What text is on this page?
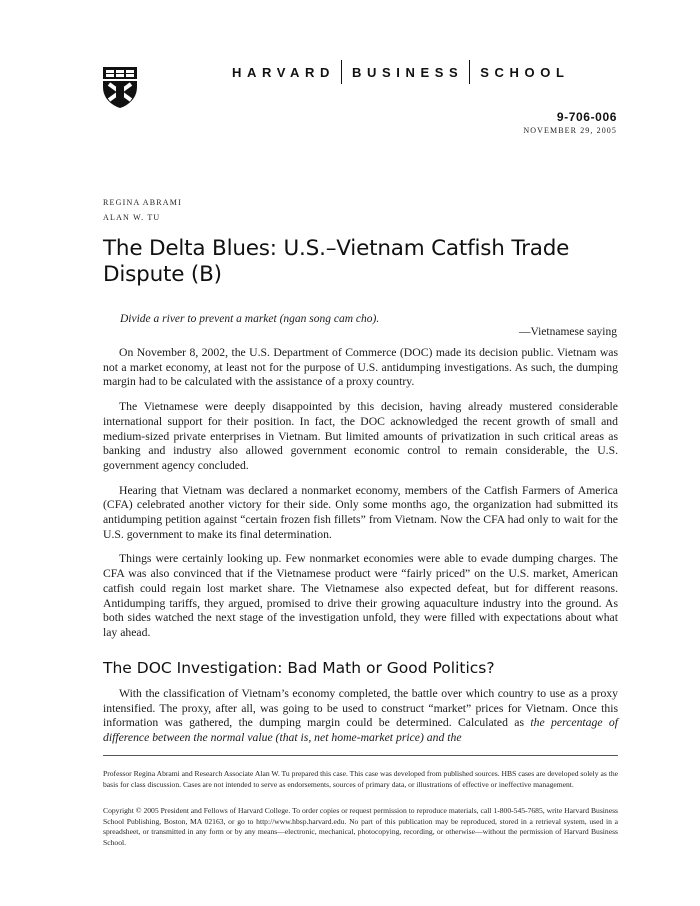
HARVARD BUSINESS SCHOOL
9-706-006
NOVEMBER 29, 2005
REGINA ABRAMI
ALAN W. TU
The Delta Blues: U.S.–Vietnam Catfish Trade Dispute (B)
Divide a river to prevent a market (ngan song cam cho).
—Vietnamese saying

On November 8, 2002, the U.S. Department of Commerce (DOC) made its decision public. Vietnam was not a market economy, at least not for the purpose of U.S. antidumping investigations. As such, the dumping margin had to be calculated with the assistance of a proxy country.

The Vietnamese were deeply disappointed by this decision, having already mustered considerable international support for their position. In fact, the DOC acknowledged the recent growth of small and medium-sized private enterprises in Vietnam. But limited amounts of privatization in such critical areas as banking and industry also allowed government economic control to remain considerable, the U.S. government agency concluded.

Hearing that Vietnam was declared a nonmarket economy, members of the Catfish Farmers of America (CFA) celebrated another victory for their side. Only some months ago, the organization had submitted its antidumping petition against “certain frozen fish fillets” from Vietnam. Now the CFA had only to wait for the U.S. government to make its final determination.

Things were certainly looking up. Few nonmarket economies were able to evade dumping charges. The CFA was also convinced that if the Vietnamese product were “fairly priced” on the U.S. market, American catfish could regain lost market share. The Vietnamese also expected defeat, but for different reasons. Antidumping tariffs, they argued, promised to drive their growing aquaculture industry into the ground. As both sides watched the next stage of the investigation unfold, they were filled with expectations about what lay ahead.

The DOC Investigation: Bad Math or Good Politics?

With the classification of Vietnam’s economy completed, the battle over which country to use as a proxy intensified. The proxy, after all, was going to be used to construct “market” prices for Vietnam. Once this information was gathered, the dumping margin could be determined. Calculated as the percentage of difference between the normal value (that is, net home-market price) and the

Professor Regina Abrami and Research Associate Alan W. Tu prepared this case. This case was developed from published sources. HBS cases are developed solely as the basis for class discussion. Cases are not intended to serve as endorsements, sources of primary data, or illustrations of effective or ineffective management.

Copyright © 2005 President and Fellows of Harvard College. To order copies or request permission to reproduce materials, call 1-800-545-7685, write Harvard Business School Publishing, Boston, MA 02163, or go to http://www.hbsp.harvard.edu. No part of this publication may be reproduced, stored in a retrieval system, used in a spreadsheet, or transmitted in any form or by any means—electronic, mechanical, photocopying, recording, or otherwise—without the permission of Harvard Business School.
